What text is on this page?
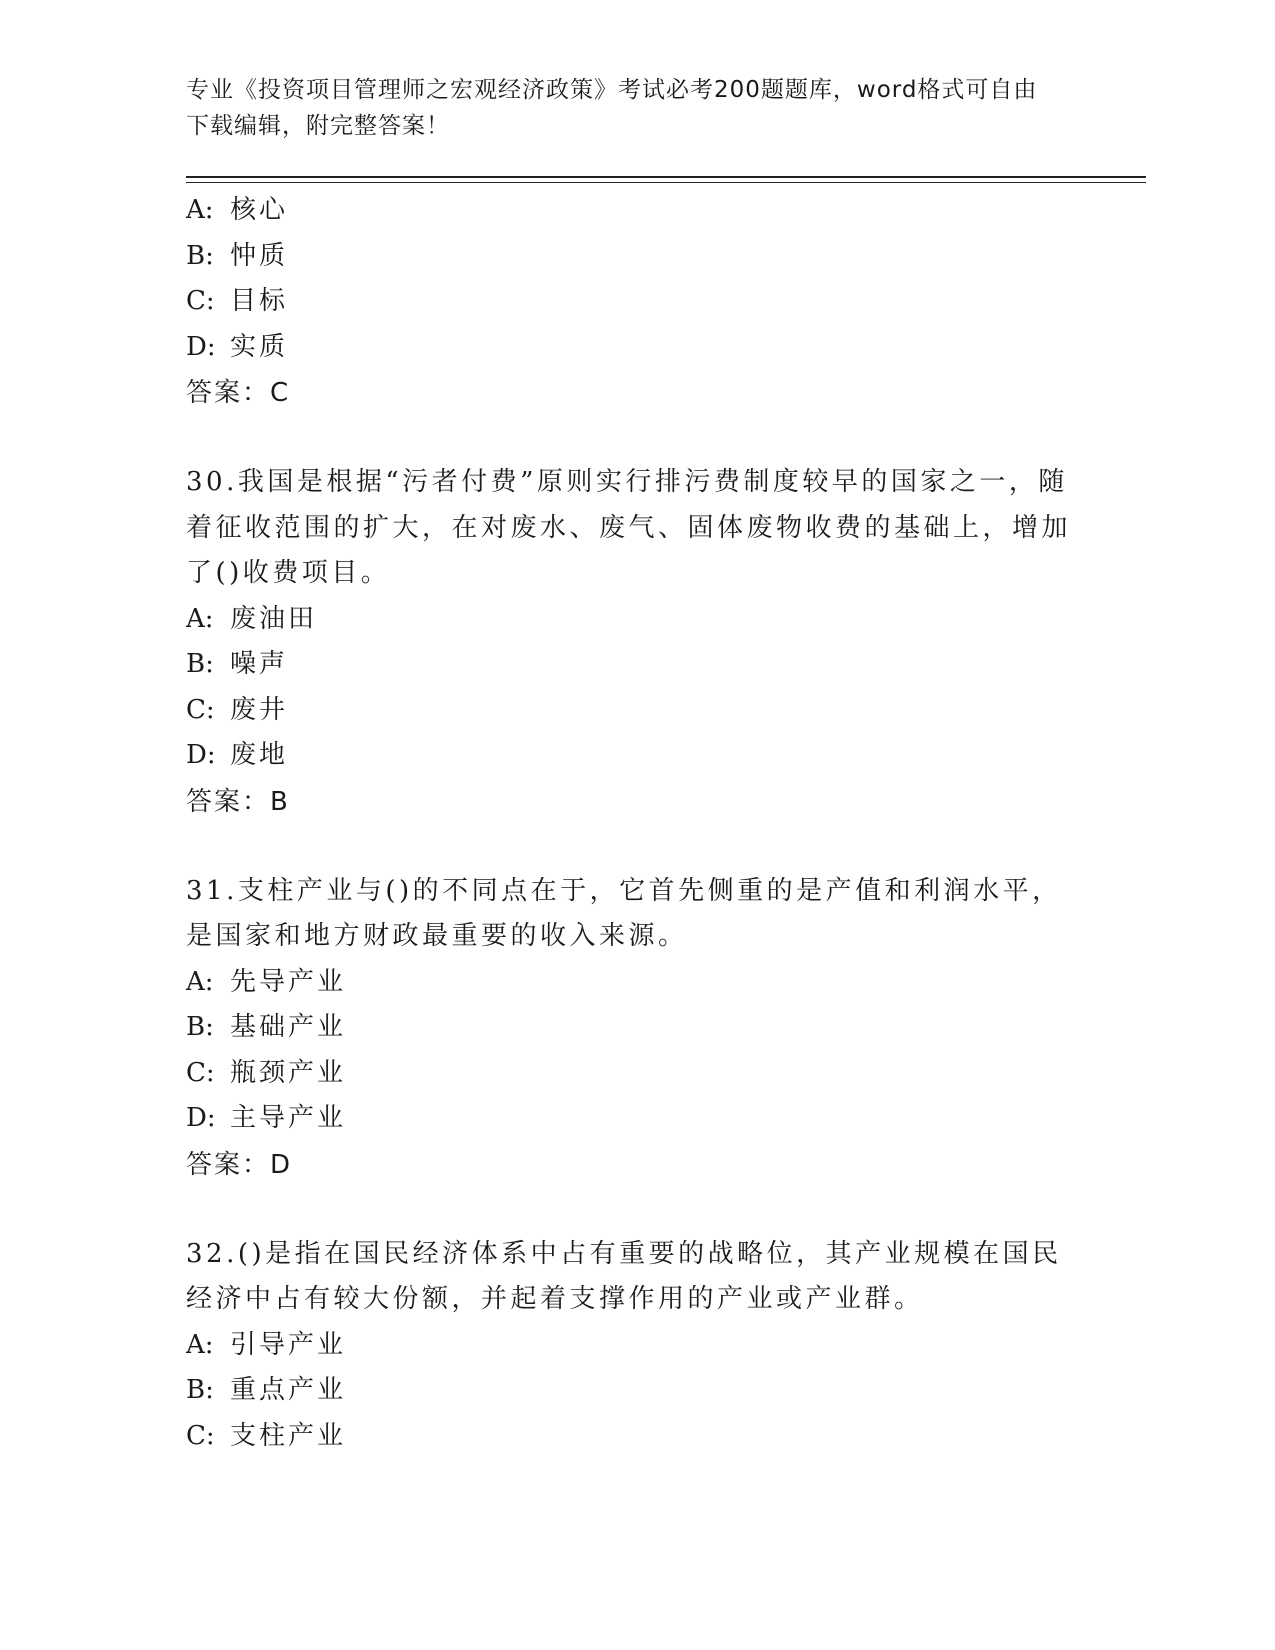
专业《投资项目管理师之宏观经济政策》考试必考200题题库，word格式可自由
下载编辑，附完整答案！
A: 核心
B: 忡质
C: 目标
D: 实质
答案：C
30.我国是根据“污者付费”原则实行排污费制度较早的国家之一，随着征收范围的扩大，在对废水、废气、固体废物收费的基础上，增加了()收费项目。
A: 废油田
B: 噪声
C: 废井
D: 废地
答案：B
31.支柱产业与()的不同点在于，它首先侧重的是产值和利润水平，是国家和地方财政最重要的收入来源。
A: 先导产业
B: 基础产业
C: 瓶颈产业
D: 主导产业
答案：D
32.()是指在国民经济体系中占有重要的战略位，其产业规模在国民经济中占有较大份额，并起着支撑作用的产业或产业群。
A: 引导产业
B: 重点产业
C: 支柱产业
